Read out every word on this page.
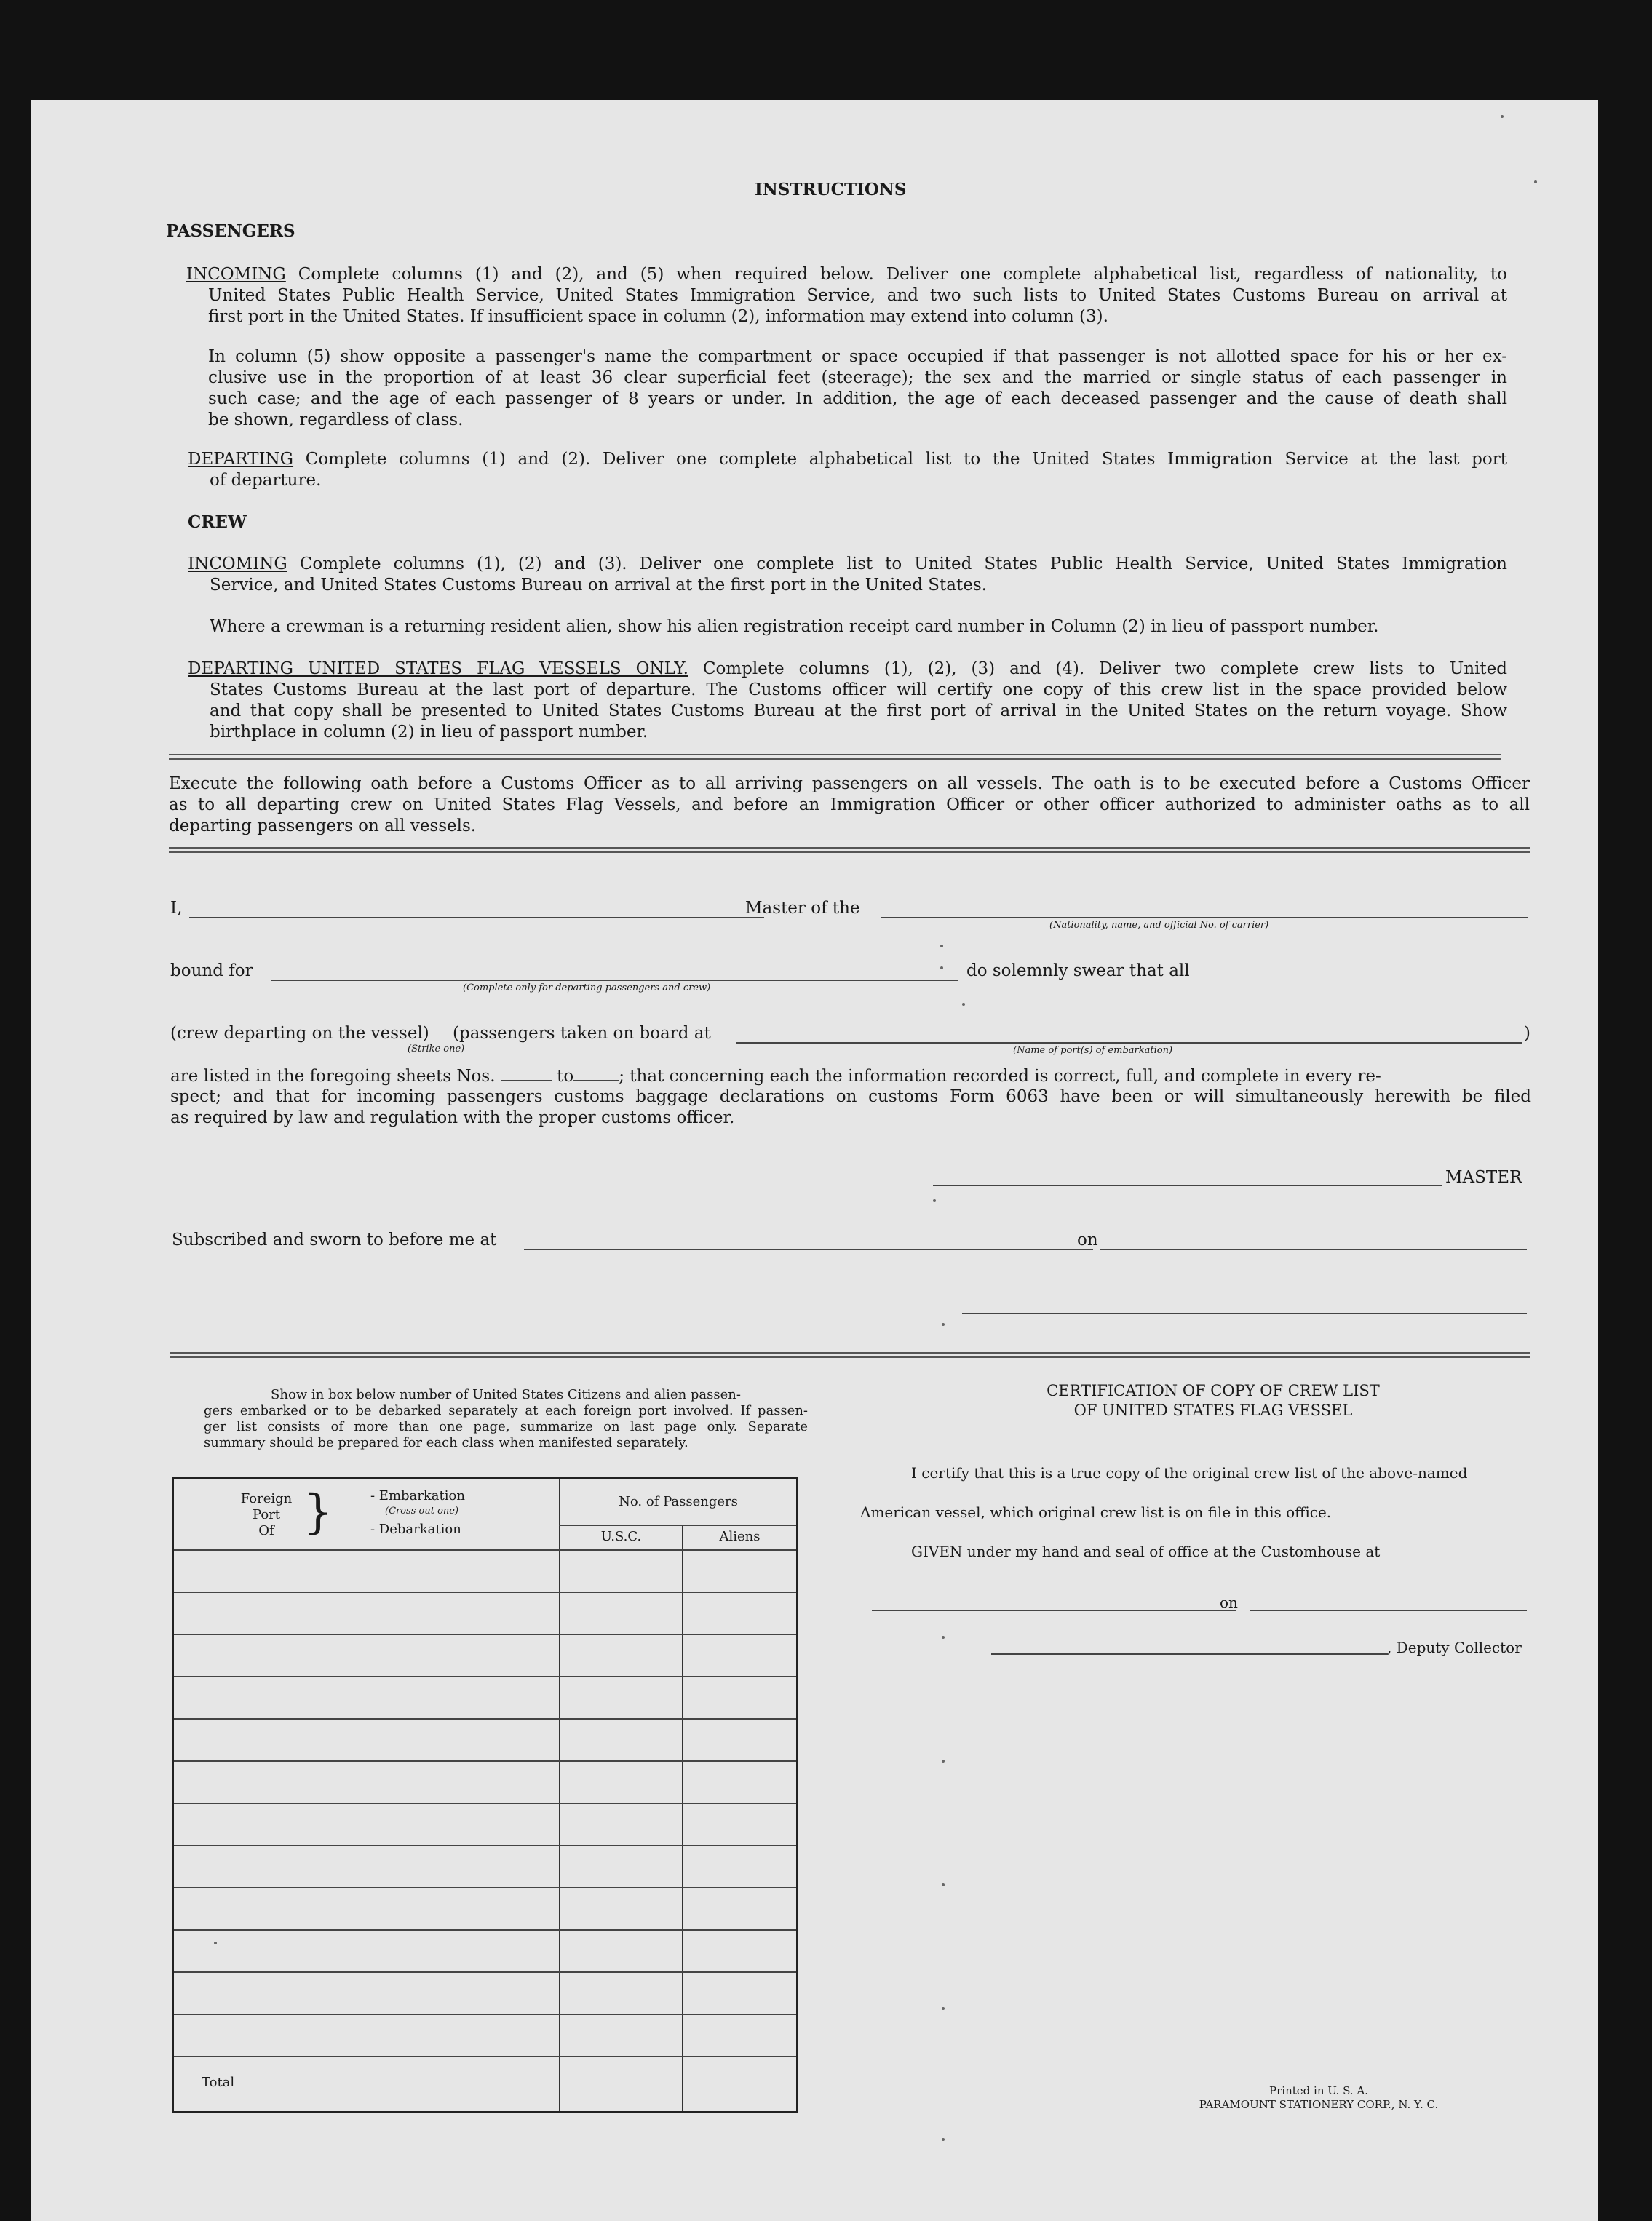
INSTRUCTIONS
PASSENGERS
INCOMING Complete columns (1) and (2), and (5) when required below. Deliver one complete alphabetical list, regardless of nationality, to
United States Public Health Service, United States Immigration Service, and two such lists to United States Customs Bureau on arrival at
first port in the United States. If insufficient space in column (2), information may extend into column (3).
In column (5) show opposite a passenger's name the compartment or space occupied if that passenger is not allotted space for his or her ex-
clusive use in the proportion of at least 36 clear superficial feet (steerage); the sex and the married or single status of each passenger in
such case; and the age of each passenger of 8 years or under. In addition, the age of each deceased passenger and the cause of death shall
be shown, regardless of class.
DEPARTING Complete columns (1) and (2). Deliver one complete alphabetical list to the United States Immigration Service at the last port
of departure.
CREW
INCOMING Complete columns (1), (2) and (3). Deliver one complete list to United States Public Health Service, United States Immigration
Service, and United States Customs Bureau on arrival at the first port in the United States.
Where a crewman is a returning resident alien, show his alien registration receipt card number in Column (2) in lieu of passport number.
DEPARTING UNITED STATES FLAG VESSELS ONLY. Complete columns (1), (2), (3) and (4). Deliver two complete crew lists to United
States Customs Bureau at the last port of departure. The Customs officer will certify one copy of this crew list in the space provided below
and that copy shall be presented to United States Customs Bureau at the first port of arrival in the United States on the return voyage. Show
birthplace in column (2) in lieu of passport number.
Execute the following oath before a Customs Officer as to all arriving passengers on all vessels. The oath is to be executed before a Customs Officer
as to all departing crew on United States Flag Vessels, and before an Immigration Officer or other officer authorized to administer oaths as to all
departing passengers on all vessels.
I,	Master of the
(Nationality, name, and official No. of carrier)
bound for
(Complete only for departing passengers and crew)
do solemnly swear that all
(crew departing on the vessel)
(Strike one)
(passengers taken on board at	)
(Name of port(s) of embarkation)
are listed in the foregoing sheets Nos.	to	; that concerning each the information recorded is correct, full, and complete in every re-
spect; and that for incoming passengers customs baggage declarations on customs Form 6063 have been or will simultaneously herewith be filed
as required by law and regulation with the proper customs officer.
MASTER
Subscribed and sworn to before me at	on
Show in box below number of United States Citizens and alien passen-
gers embarked or to be debarked separately at each foreign port involved. If passen-
ger list consists of more than one page, summarize on last page only. Separate
summary should be prepared for each class when manifested separately.
Foreign
Port
Of }	- Embarkation
(Cross out one)
- Debarkation
No. of Passengers
U.S.C.	Aliens
Total
CERTIFICATION OF COPY OF CREW LIST
OF UNITED STATES FLAG VESSEL
I certify that this is a true copy of the original crew list of the above-named
American vessel, which original crew list is on file in this office.
GIVEN under my hand and seal of office at the Customhouse at
on
, Deputy Collector
Printed in U. S. A.
PARAMOUNT STATIONERY CORP., N. Y. C.
